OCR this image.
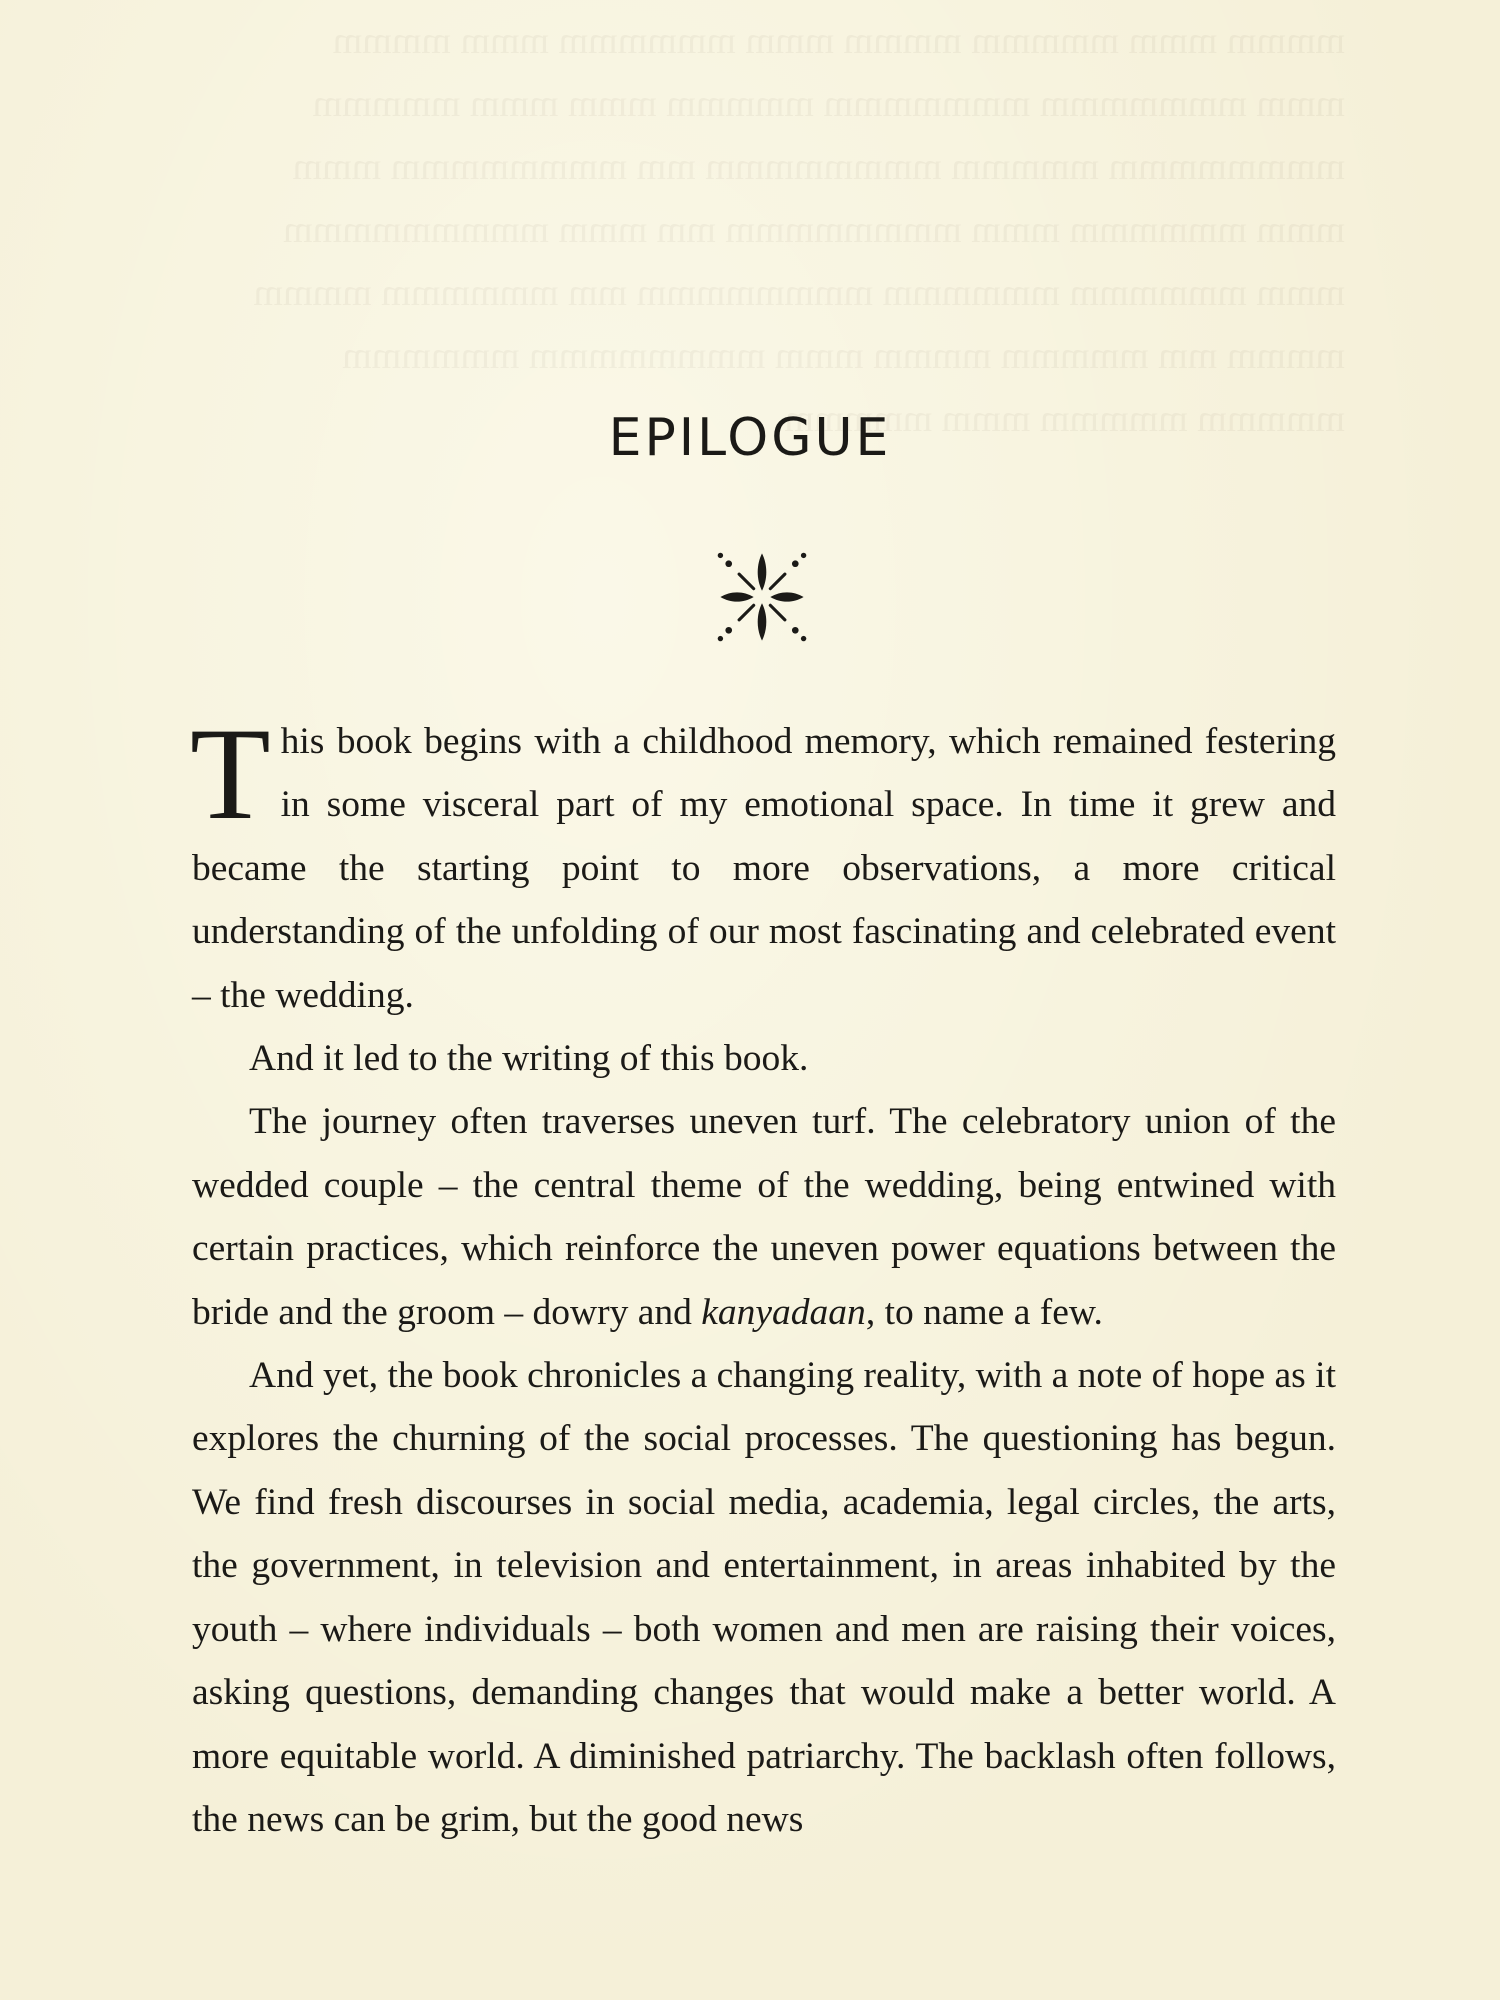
mmmm mmm mmmmm mmmm mmm mmmmmm mmm mmmm
mmm mmmmmmm mmmmmmm mmmmm mmm mmm mmmmm
mmmmmmmm mmmmm mmmmmmmm mm mmmmmmmm mmm
mmm mmmmmm mmm mmmmmmmm mm mmm mmmmmmmmm
mmm mmmmmm mmmmmm mmmmmmmm mm mmmmmm mmmm
mmmm mm mmmmm mmmm mmm mmmmmmmm mmmmmm
mmmmm mmmmm mmm mmmmm
EPILOGUE

This book begins with a childhood memory, which remained festering in some visceral part of my emotional space. In time it grew and became the starting point to more observations, a more critical understanding of the unfolding of our most fascinating and celebrated event – the wedding.

And it led to the writing of this book.

The journey often traverses uneven turf. The celebratory union of the wedded couple – the central theme of the wedding, being entwined with certain practices, which reinforce the uneven power equations between the bride and the groom – dowry and kanyadaan, to name a few.

And yet, the book chronicles a changing reality, with a note of hope as it explores the churning of the social processes. The questioning has begun. We find fresh discourses in social media, academia, legal circles, the arts, the government, in television and entertainment, in areas inhabited by the youth – where individuals – both women and men are raising their voices, asking questions, demanding changes that would make a better world. A more equitable world. A diminished patriarchy. The backlash often follows, the news can be grim, but the good news
